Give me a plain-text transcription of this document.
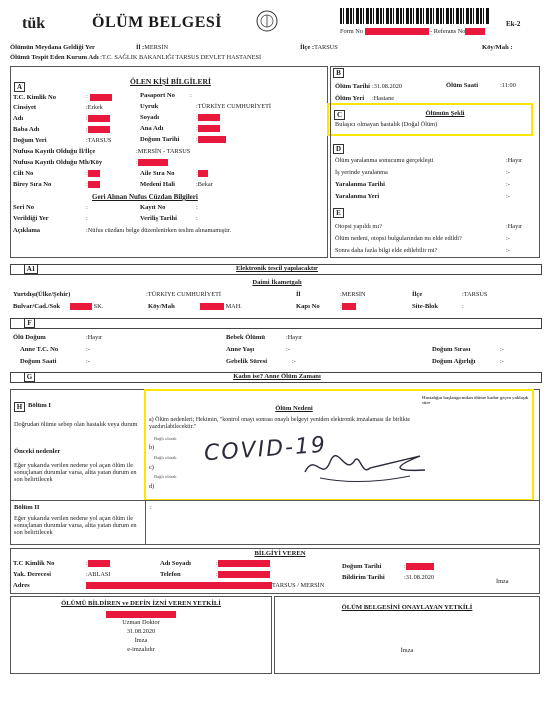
tük	ÖLÜM BELGESİ
Form No	- Referans No
Ek-2
Ölümün Meydana Geldiği Yer	İl :MERSİN	İlçe :TARSUS	Köy/Mah :
Ölümü Tespit Eden Kurum Adı :T.C. SAĞLIK BAKANLIĞI TARSUS DEVLET HASTANESİ
A
ÖLEN KİŞİ BİLGİLERİ
T.C. Kimlik No	:	Pasaport No :
Cinsiyet	:Erkek	Uyruk	:TÜRKİYE CUMHURİYETİ
Adı	Soyadı
Baba Adı	Ana Adı
Doğum Yeri	:TARSUS	Doğum Tarihi
Nufusa Kayıtlı Olduğu İl/İlçe	:MERSİN - TARSUS
Nufusa Kayıtlı Olduğu Mh/Köy
Cilt No	Aile Sıra No
Birey Sıra No	Medeni Hali	:Bekar
Geri Alınan Nufus Cüzdan Bilgileri
Seri No	:	Kayıt No	:
Verildiği Yer	:	Veriliş Tarihi	:
Açıklama	:Nüfus cüzdanı belge düzenlenirken teslim alınamamıştır.
B
Ölüm Tarihi :31.08.2020	Ölüm Saati	:11:00
Ölüm Yeri :Hastane
C	Ölümün Şekli
Bulaşıcı olmayan hastalık (Doğal Ölüm)
D
Ölüm yaralanma sonucumu gerçekleşti	:Hayır
İş yerinde yaralanma	:-
Yaralanma Tarihi	:-
Yaralanma Yeri	:-
E
Otopsi yapıldı mı?	:Hayır
Ölüm nedeni, otopsi bulgularından mı elde edildi?	:-
Sonra daha fazla bilgi elde edilebilir mi?	:-
A1	Elektronik tescil yapılacaktır
Daimi İkametgah
Yurtdışı(Ülke/Şehir)	:TÜRKİYE CUMHURİYETİ	İl	:MERSİN	İlçe	:TARSUS
Bulvar/Cad./Sok	SK.	Köy/Mah	MAH.	Kapı No	Site-Blok	:
F
Ölü Doğum	:Hayır	Bebek Ölümü	:Hayır
Anne T.C. No	:-	Anne Yaşı	:-	Doğum Sırası	:-
Doğum Saati	:-	Gebelik Süresi	:-	Doğum Ağırlığı	:-
G	Kadın ise? Anne Ölüm Zamanı
H Bölüm I
Doğrudan ölüme sebep olan hastalık veya durum
Önceki nedenler
Eğer yukarıda verilen nedene yol açan ölüm ile sonuçlanan durumlar varsa, altta yatan durum en son belirtilecek
Ölüm Nedeni
Hastalığın başlangıcından ölüme kadar geçen yaklaşık süre
a) Ölüm nedenleri; Hekimin, "kontrol onayı sonrası onaylı belgeyi yeniden elektronik imzalaması ile birlikte yazdırılabilecektir."
Bağlı olarak
b)
Bağlı olarak
c)
Bağlı olarak
d)
COVID-19
Bölüm II
Eğer yukarıda verilen nedene yol açan ölüm ile sonuçlanan durumlar varsa, altta yatan durum en son belirtilecek
:
BİLGİYİ VEREN
T.C Kimlik No	Adı Soyadı	Doğum Tarihi
Yak. Derecesi	:ABLASI	Telefon	Bildirim Tarihi	:31.08.2020
İmza
Adres	TARSUS / MERSİN
ÖLÜMÜ BİLDİREN ve DEFİN İZNİ VEREN YETKİLİ
Uzman Doktor
31.08.2020
İmza
e-imzalıdır
ÖLÜM BELGESİNİ ONAYLAYAN YETKİLİ
İmza
